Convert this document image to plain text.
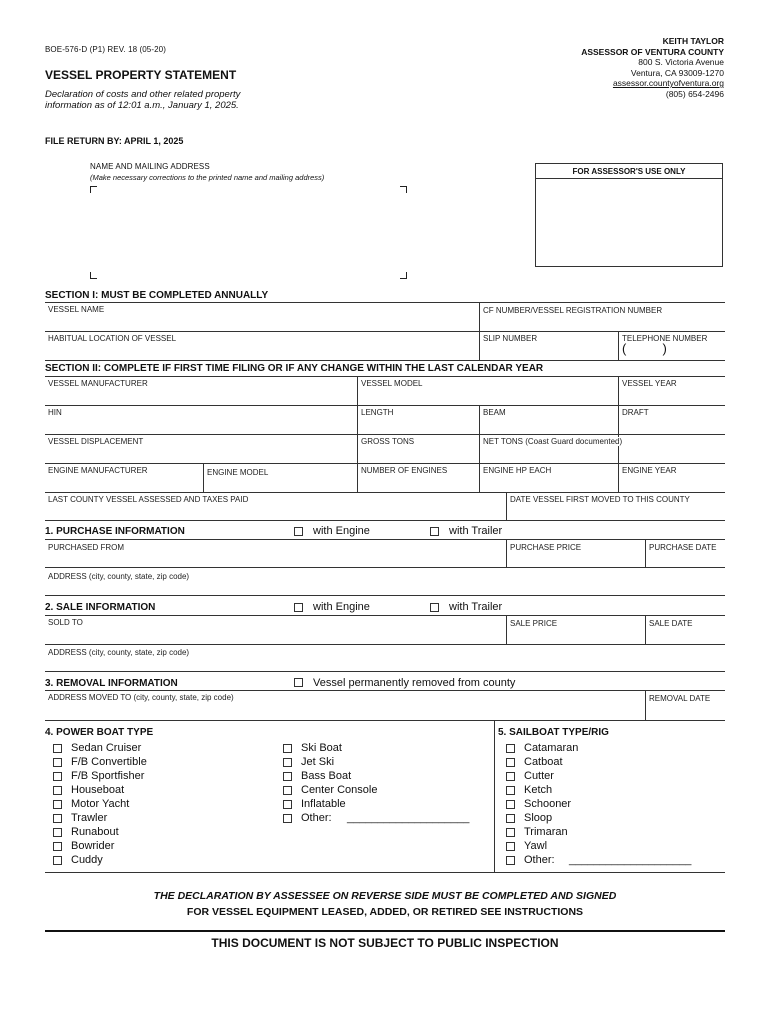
BOE-576-D (P1) REV. 18 (05-20)
VESSEL PROPERTY STATEMENT
Declaration of costs and other related property
information as of 12:01 a.m., January 1, 2025.
KEITH TAYLOR
ASSESSOR OF VENTURA COUNTY
800 S. Victoria Avenue
Ventura, CA 93009-1270
assessor.countyofventura.org
(805) 654-2496
FILE RETURN BY: APRIL 1, 2025
NAME AND MAILING ADDRESS
(Make necessary corrections to the printed name and mailing address)
FOR ASSESSOR'S USE ONLY
SECTION I: MUST BE COMPLETED ANNUALLY
VESSEL NAME	CF NUMBER/VESSEL REGISTRATION NUMBER
HABITUAL LOCATION OF VESSEL	SLIP NUMBER	TELEPHONE NUMBER
(          )
SECTION II: COMPLETE IF FIRST TIME FILING OR IF ANY CHANGE WITHIN THE LAST CALENDAR YEAR
VESSEL MANUFACTURER	VESSEL MODEL	VESSEL YEAR
HIN	LENGTH	BEAM	DRAFT
VESSEL DISPLACEMENT	GROSS TONS	NET TONS (Coast Guard documented)
ENGINE MANUFACTURER	ENGINE MODEL	NUMBER OF ENGINES	ENGINE HP EACH	ENGINE YEAR
LAST COUNTY VESSEL ASSESSED AND TAXES PAID	DATE VESSEL FIRST MOVED TO THIS COUNTY
1. PURCHASE INFORMATION	with Engine	with Trailer
PURCHASED FROM	PURCHASE PRICE	PURCHASE DATE
ADDRESS (city, county, state, zip code)
2. SALE INFORMATION	with Engine	with Trailer
SOLD TO	SALE PRICE	SALE DATE
ADDRESS (city, county, state, zip code)
3. REMOVAL INFORMATION	Vessel permanently removed from county
ADDRESS MOVED TO (city, county, state, zip code)	REMOVAL DATE
4. POWER BOAT TYPE
Sedan Cruiser
F/B Convertible
F/B Sportfisher
Houseboat
Motor Yacht
Trawler
Runabout
Bowrider
Cuddy
Ski Boat
Jet Ski
Bass Boat
Center Console
Inflatable
Other: ____________________
5. SAILBOAT TYPE/RIG
Catamaran
Catboat
Cutter
Ketch
Schooner
Sloop
Trimaran
Yawl
Other: ____________________
THE DECLARATION BY ASSESSEE ON REVERSE SIDE MUST BE COMPLETED AND SIGNED
FOR VESSEL EQUIPMENT LEASED, ADDED, OR RETIRED SEE INSTRUCTIONS
THIS DOCUMENT IS NOT SUBJECT TO PUBLIC INSPECTION
